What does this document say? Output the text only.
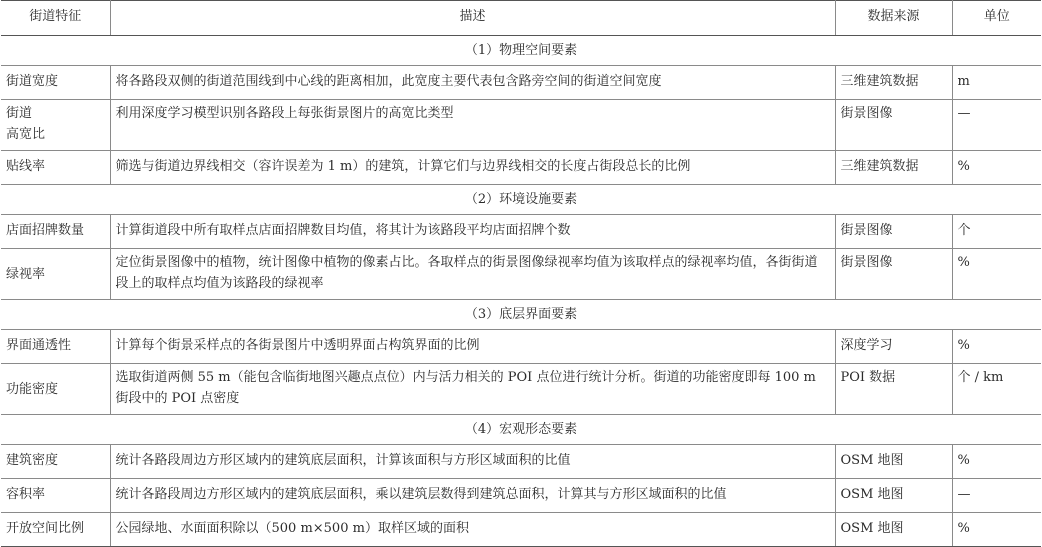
街道特征	描述	数据来源	单位
（1）物理空间要素			
街道宽度	将各路段双侧的街道范围线到中心线的距离相加，此宽度主要代表包含路旁空间的街道空间宽度	三维建筑数据	m
街道
高宽比	利用深度学习模型识别各路段上每张街景图片的高宽比类型	街景图像	—
贴线率	筛选与街道边界线相交（容许误差为 1 m）的建筑，计算它们与边界线相交的长度占街段总长的比例	三维建筑数据	%
（2）环境设施要素			
店面招牌数量	计算街道段中所有取样点店面招牌数目均值，将其计为该路段平均店面招牌个数	街景图像	个
绿视率	定位街景图像中的植物，统计图像中植物的像素占比。各取样点的街景图像绿视率均值为该取样点的绿视率均值，各街街道段上的取样点均值为该路段的绿视率	街景图像	%
（3）底层界面要素			
界面通透性	计算每个街景采样点的各街景图片中透明界面占构筑界面的比例	深度学习	%
功能密度	选取街道两侧 55 m（能包含临街地图兴趣点点位）内与活力相关的 POI 点位进行统计分析。街道的功能密度即每 100 m 街段中的 POI 点密度	POI 数据	个 / km
（4）宏观形态要素			
建筑密度	统计各路段周边方形区域内的建筑底层面积，计算该面积与方形区域面积的比值	OSM 地图	%
容积率	统计各路段周边方形区域内的建筑底层面积，乘以建筑层数得到建筑总面积，计算其与方形区域面积的比值	OSM 地图	—
开放空间比例	公园绿地、水面面积除以（500 m×500 m）取样区域的面积	OSM 地图	%
